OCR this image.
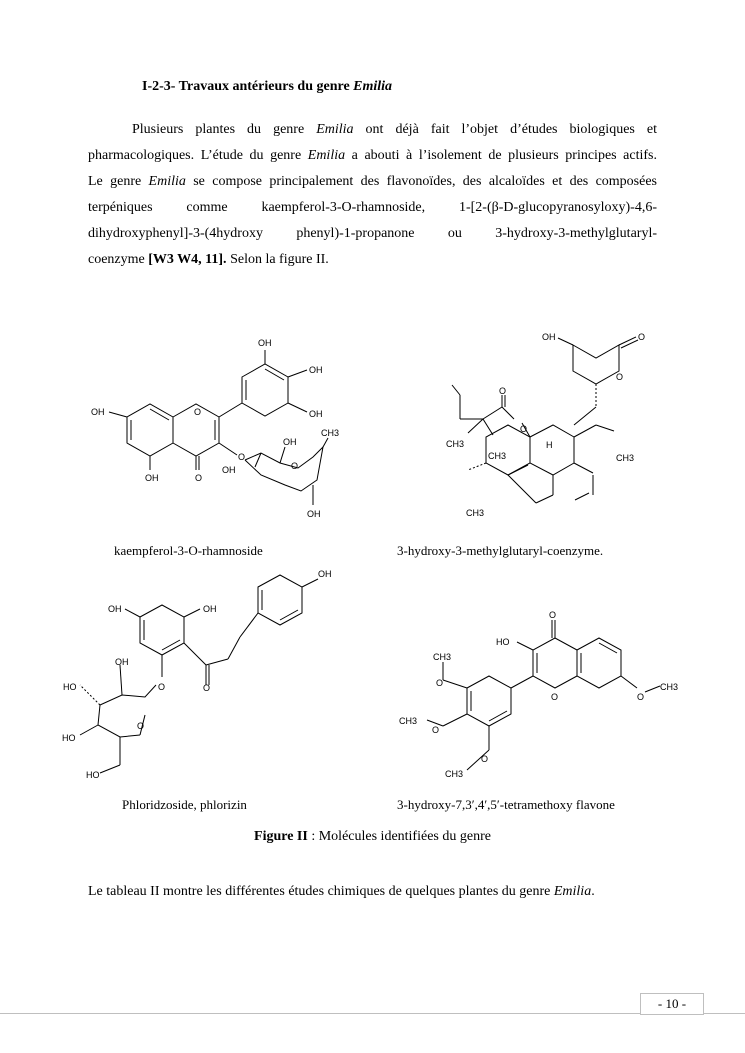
I-2-3- Travaux antérieurs du genre Emilia
Plusieurs plantes du genre Emilia ont déjà fait l’objet d’études biologiques et
pharmacologiques. L’étude du genre Emilia a abouti à l’isolement de plusieurs principes actifs.
Le genre Emilia se compose principalement des flavonoïdes, des alcaloïdes et des composées
terpéniques comme kaempferol-3-O-rhamnoside, 1-[2-(β-D-glucopyranosyloxy)-4,6-
dihydroxyphenyl]-3-(4hydroxy phenyl)-1-propanone ou 3-hydroxy-3-methylglutaryl-
coenzyme [W3 W4, 11]. Selon la figure II.
OH
OH
OH
OH	O
OH	O
O
CH3
OH
OH	O
OH
kaempferol-3-O-rhamnoside
OH	O
O
O
O
CH3
CH3
H
CH3
CH3
3-hydroxy-3-methylglutaryl-coenzyme.
OH
OH	OH
O
OH
HO
HO
O
O
HO
Phloridzoside, phlorizin
O
HO
O
CH3
O
CH3
O
CH3
O
O
CH3
3-hydroxy-7,3′,4′,5′-tetramethoxy flavone
Figure II : Molécules identifiées du genre
Le tableau II montre les différentes études chimiques de quelques plantes du genre Emilia.
- 10 -
